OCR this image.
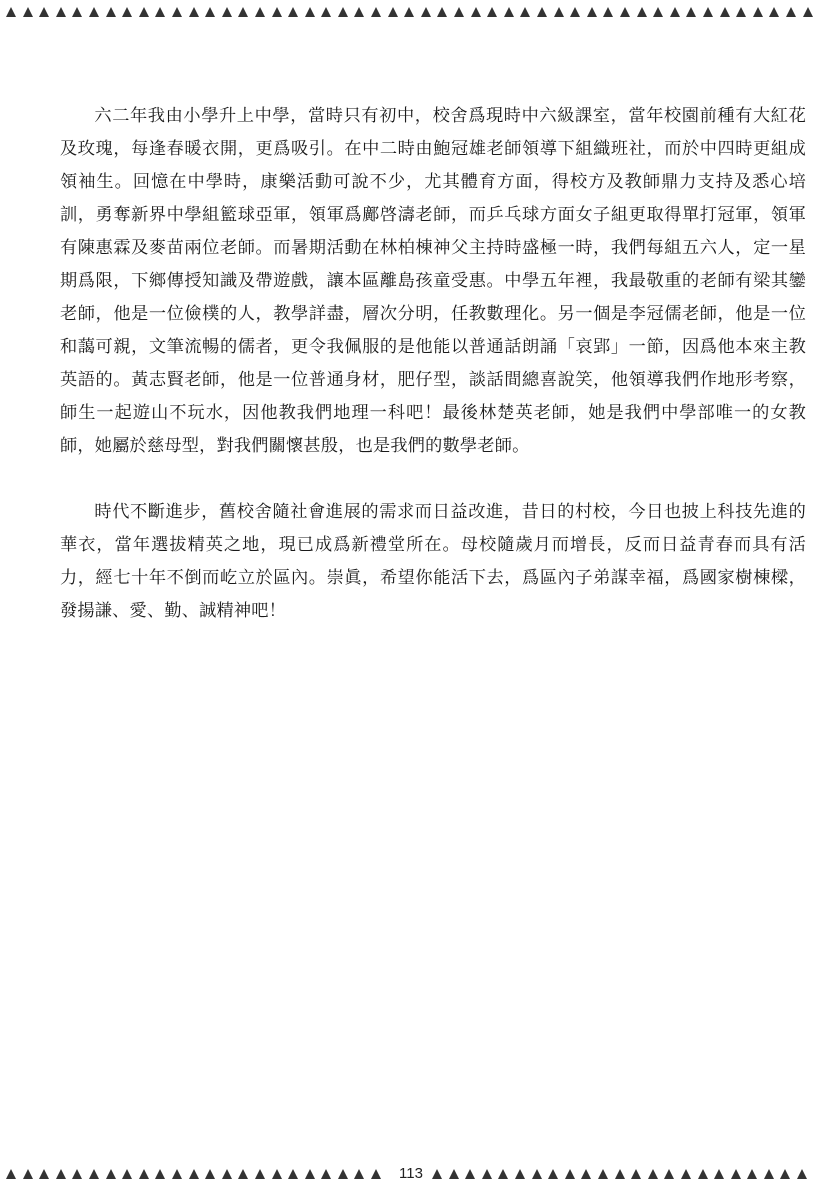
六二年我由小學升上中學，當時只有初中，校舍爲現時中六級課室，當年校園前種有大紅花及玫瑰，每逢春暖衣開，更爲吸引。在中二時由鮑冠雄老師領導下組織班社，而於中四時更組成領袖生。回憶在中學時，康樂活動可說不少，尤其體育方面，得校方及教師鼎力支持及悉心培訓，勇奪新界中學組籃球亞軍，領軍爲鄺啓濤老師，而乒乓球方面女子組更取得單打冠軍，領軍有陳惠霖及麥苗兩位老師。而暑期活動在林柏棟神父主持時盛極一時，我們每組五六人，定一星期爲限，下鄉傳授知識及帶遊戲，讓本區離島孩童受惠。中學五年裡，我最敬重的老師有梁其鑾老師，他是一位儉樸的人，教學詳盡，層次分明，任教數理化。另一個是李冠儒老師，他是一位和藹可親，文筆流暢的儒者，更令我佩服的是他能以普通話朗誦「哀郢」一節，因爲他本來主教英語的。黃志賢老師，他是一位普通身材，肥仔型，談話間總喜說笑，他領導我們作地形考察，師生一起遊山不玩水，因他教我們地理一科吧！最後林楚英老師，她是我們中學部唯一的女教師，她屬於慈母型，對我們關懷甚殷，也是我們的數學老師。

時代不斷進步，舊校舍隨社會進展的需求而日益改進，昔日的村校，今日也披上科技先進的華衣，當年選拔精英之地，現已成爲新禮堂所在。母校隨歲月而增長，反而日益青春而具有活力，經七十年不倒而屹立於區內。崇眞，希望你能活下去，爲區內子弟謀幸福，爲國家樹棟樑，發揚謙、愛、勤、誠精神吧！

113
